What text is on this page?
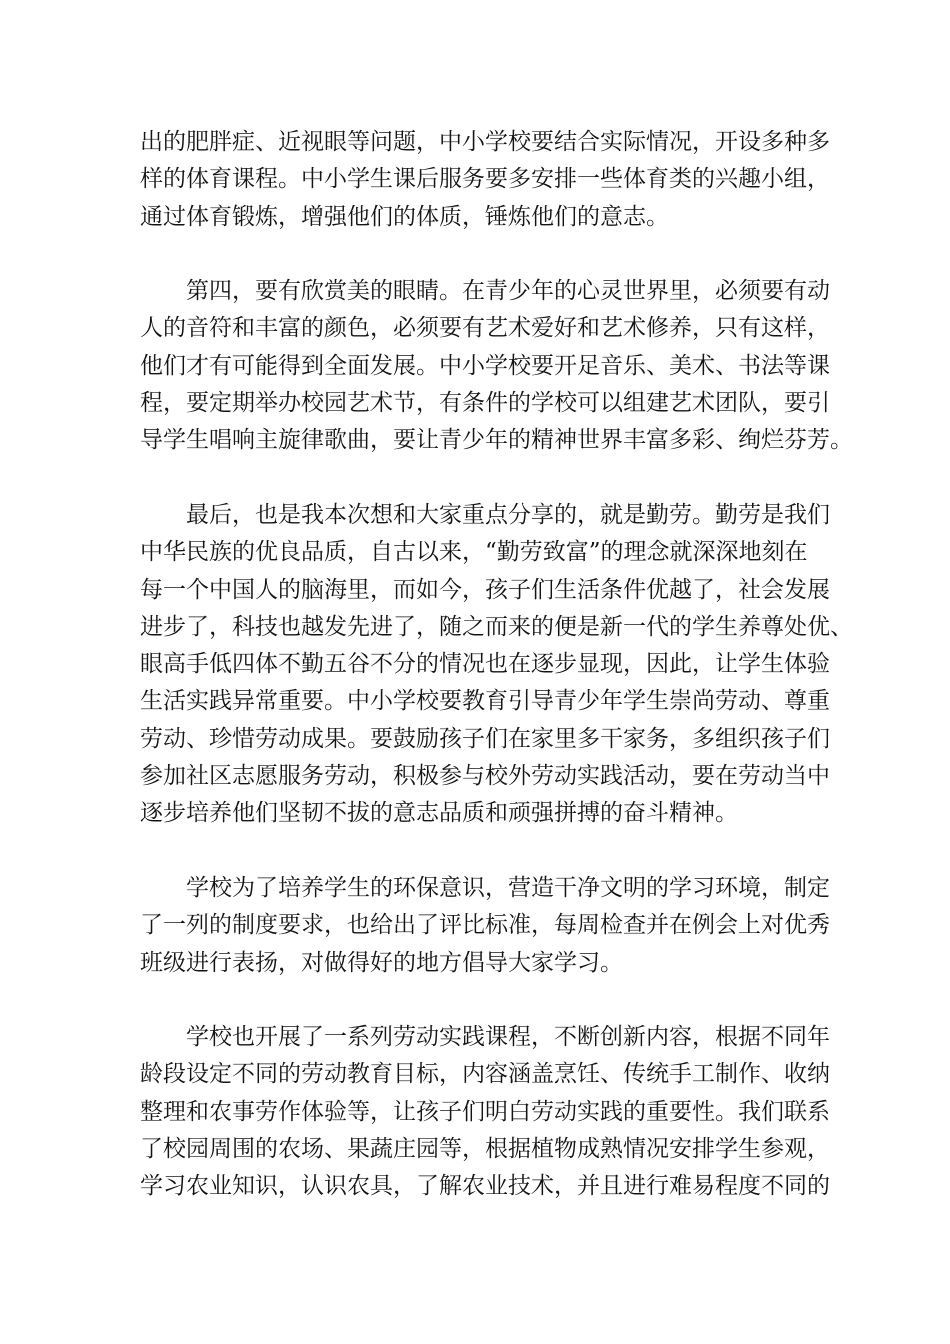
出的肥胖症、近视眼等问题，中小学校要结合实际情况，开设多种多
样的体育课程。中小学生课后服务要多安排一些体育类的兴趣小组，
通过体育锻炼，增强他们的体质，锤炼他们的意志。
第四，要有欣赏美的眼睛。在青少年的心灵世界里，必须要有动
人的音符和丰富的颜色，必须要有艺术爱好和艺术修养，只有这样，
他们才有可能得到全面发展。中小学校要开足音乐、美术、书法等课
程，要定期举办校园艺术节，有条件的学校可以组建艺术团队，要引
导学生唱响主旋律歌曲，要让青少年的精神世界丰富多彩、绚烂芬芳。
最后，也是我本次想和大家重点分享的，就是勤劳。勤劳是我们
中华民族的优良品质，自古以来，“勤劳致富”的理念就深深地刻在
每一个中国人的脑海里，而如今，孩子们生活条件优越了，社会发展
进步了，科技也越发先进了，随之而来的便是新一代的学生养尊处优、
眼高手低四体不勤五谷不分的情况也在逐步显现，因此，让学生体验
生活实践异常重要。中小学校要教育引导青少年学生崇尚劳动、尊重
劳动、珍惜劳动成果。要鼓励孩子们在家里多干家务，多组织孩子们
参加社区志愿服务劳动，积极参与校外劳动实践活动，要在劳动当中
逐步培养他们坚韧不拔的意志品质和顽强拼搏的奋斗精神。
学校为了培养学生的环保意识，营造干净文明的学习环境，制定
了一列的制度要求，也给出了评比标准，每周检查并在例会上对优秀
班级进行表扬，对做得好的地方倡导大家学习。
学校也开展了一系列劳动实践课程，不断创新内容，根据不同年
龄段设定不同的劳动教育目标，内容涵盖烹饪、传统手工制作、收纳
整理和农事劳作体验等，让孩子们明白劳动实践的重要性。我们联系
了校园周围的农场、果蔬庄园等，根据植物成熟情况安排学生参观，
学习农业知识，认识农具，了解农业技术，并且进行难易程度不同的
